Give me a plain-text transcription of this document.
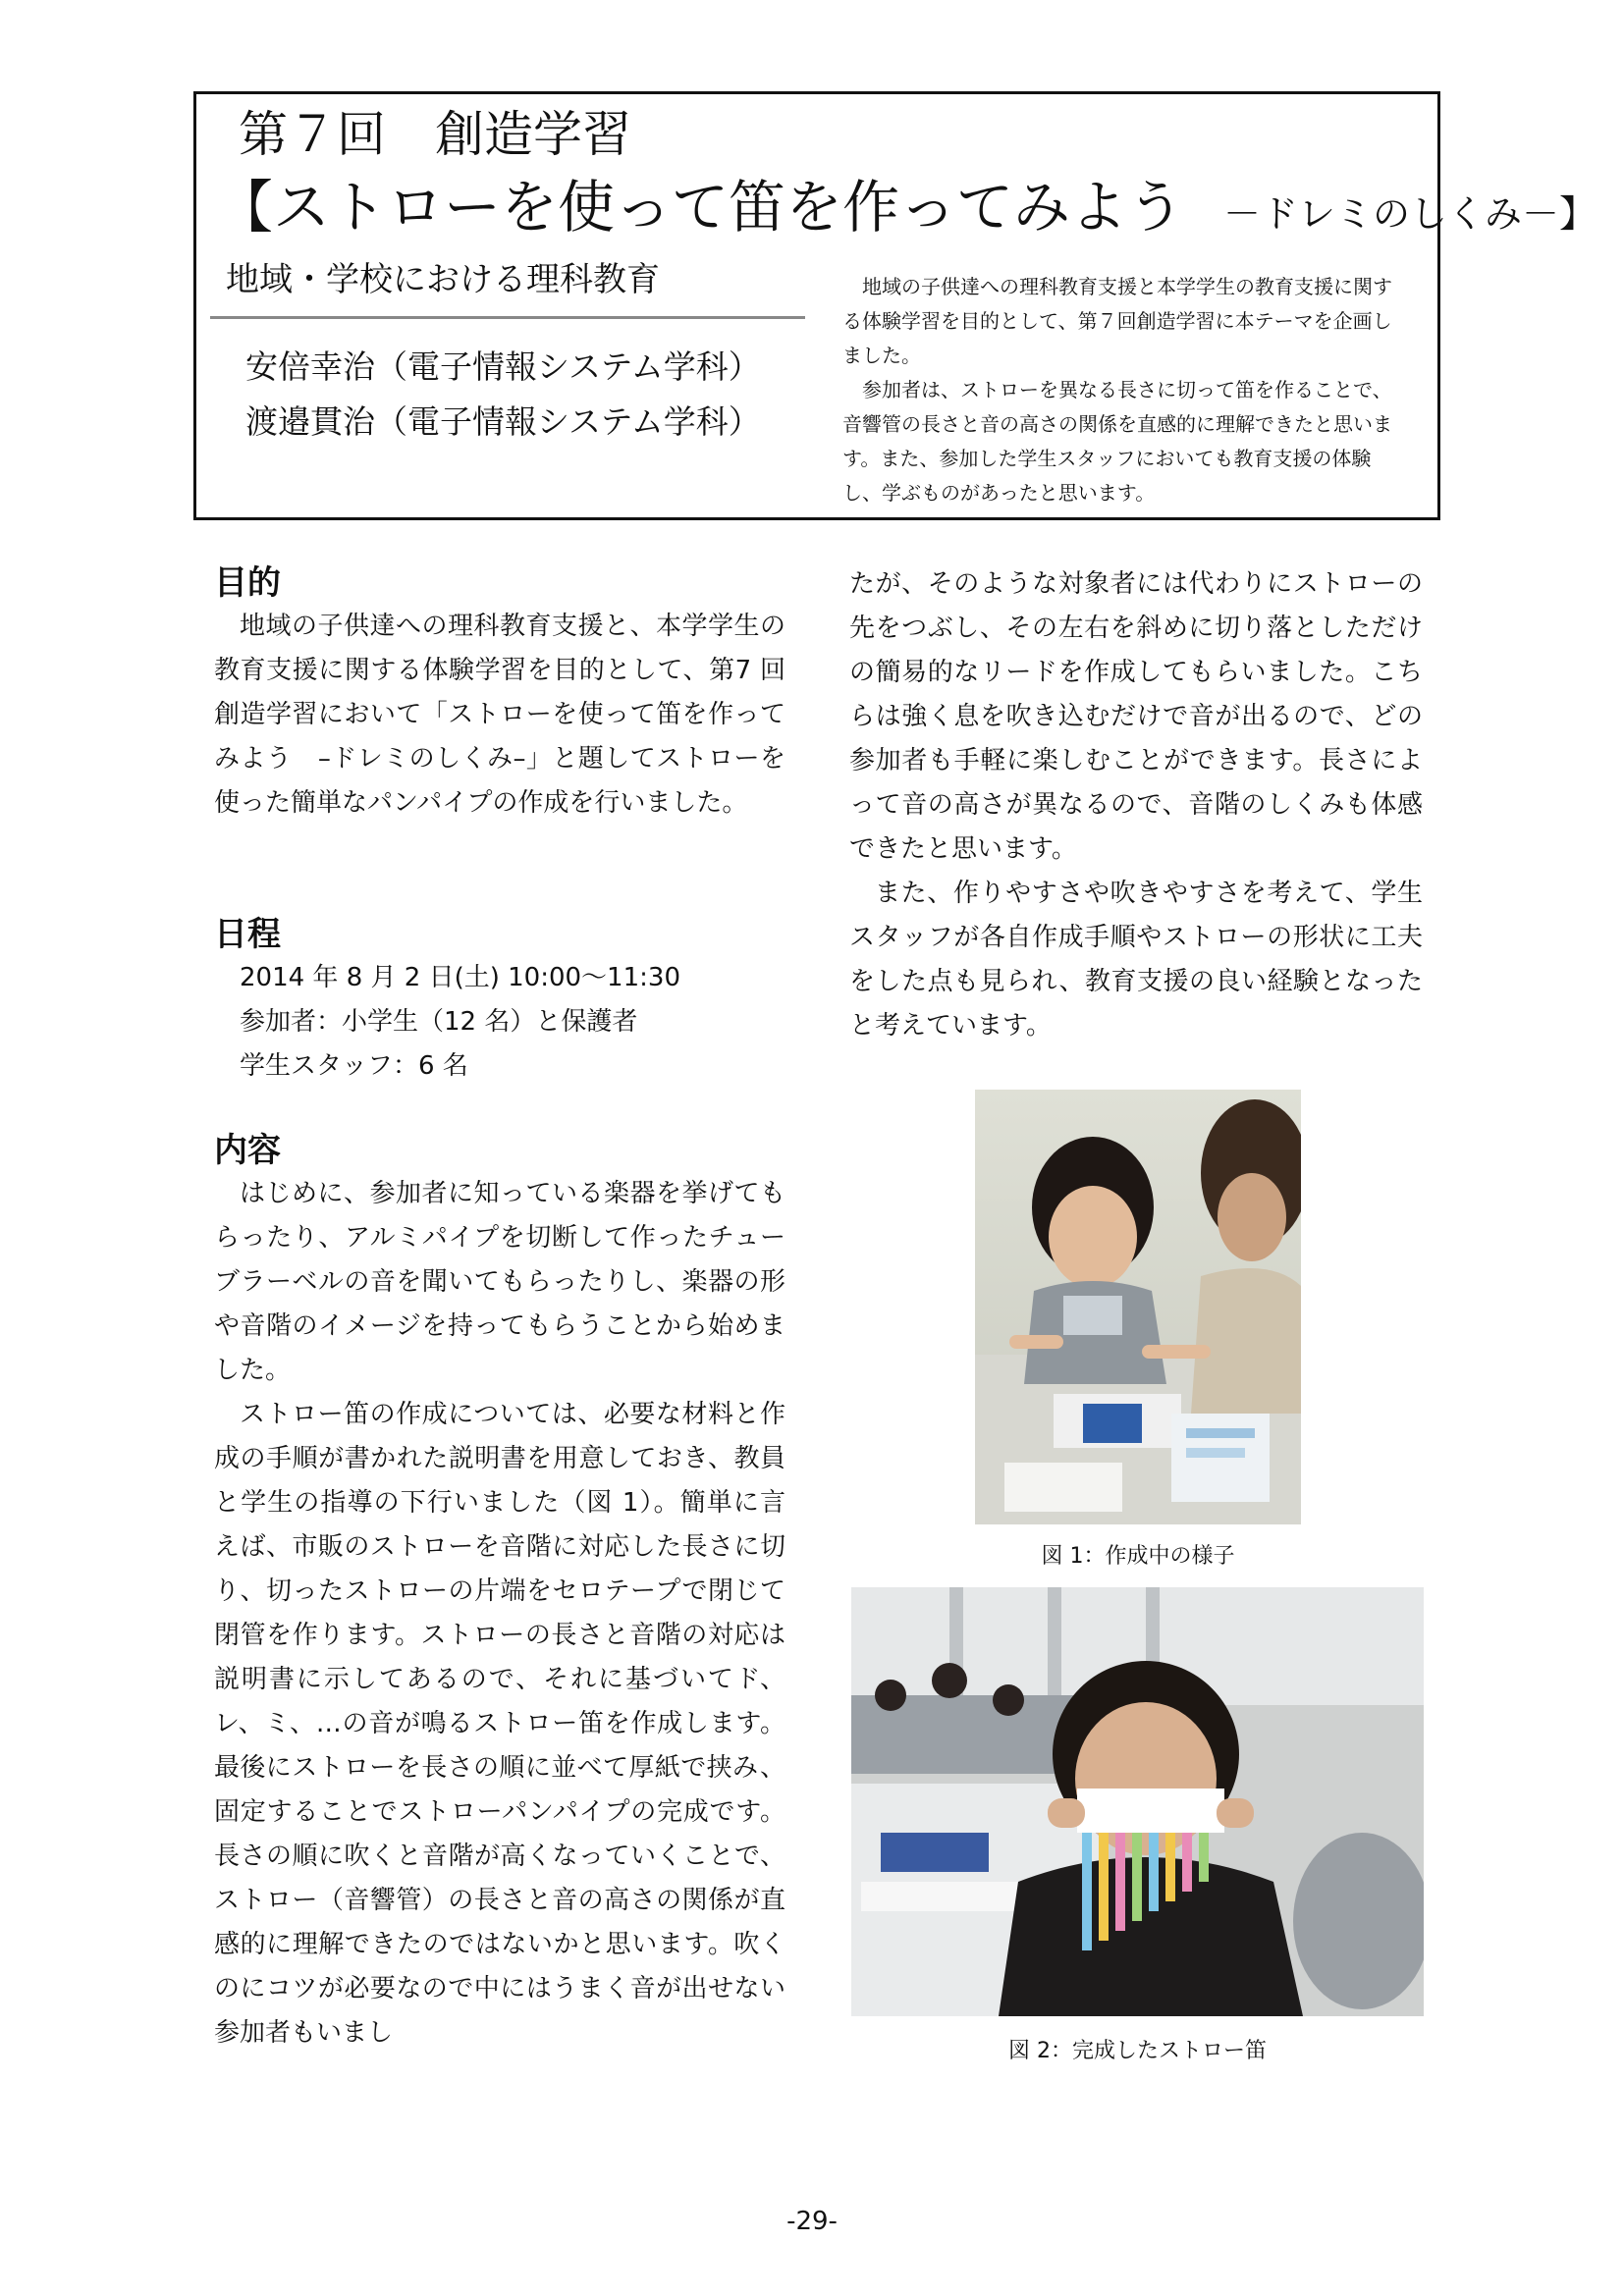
第７回　創造学習
【ストローを使って笛を作ってみよう －ドレミのしくみ－】
地域・学校における理科教育
安倍幸治（電子情報システム学科）
渡邉貫治（電子情報システム学科）

地域の子供達への理科教育支援と本学学生の教育支援に関する体験学習を目的として、第７回創造学習に本テーマを企画しました。

参加者は、ストローを異なる長さに切って笛を作ることで、音響管の長さと音の高さの関係を直感的に理解できたと思います。また、参加した学生スタッフにおいても教育支援の体験し、学ぶものがあったと思います。

目的

地域の子供達への理科教育支援と、本学学生の教育支援に関する体験学習を目的として、第7 回創造学習において「ストローを使って笛を作ってみよう　–ドレミのしくみ–」と題してストローを使った簡単なパンパイプの作成を行いました。

日程
2014 年 8 月 2 日(土) 10:00～11:30
参加者：小学生（12 名）と保護者
学生スタッフ：6 名
内容

はじめに、参加者に知っている楽器を挙げてもらったり、アルミパイプを切断して作ったチューブラーベルの音を聞いてもらったりし、楽器の形や音階のイメージを持ってもらうことから始めました。

ストロー笛の作成については、必要な材料と作成の手順が書かれた説明書を用意しておき、教員と学生の指導の下行いました（図 1）。簡単に言えば、市販のストローを音階に対応した長さに切り、切ったストローの片端をセロテープで閉じて閉管を作ります。ストローの長さと音階の対応は説明書に示してあるので、それに基づいてド、レ、ミ、…の音が鳴るストロー笛を作成します。最後にストローを長さの順に並べて厚紙で挟み、固定することでストローパンパイプの完成です。長さの順に吹くと音階が高くなっていくことで、ストロー（音響管）の長さと音の高さの関係が直感的に理解できたのではないかと思います。吹くのにコツが必要なので中にはうまく音が出せない参加者もいまし

たが、そのような対象者には代わりにストローの先をつぶし、その左右を斜めに切り落としただけの簡易的なリードを作成してもらいました。こちらは強く息を吹き込むだけで音が出るので、どの参加者も手軽に楽しむことができます。長さによって音の高さが異なるので、音階のしくみも体感できたと思います。

また、作りやすさや吹きやすさを考えて、学生スタッフが各自作成手順やストローの形状に工夫をした点も見られ、教育支援の良い経験となったと考えています。

図 1：作成中の様子
図 2：完成したストロー笛
-29-
